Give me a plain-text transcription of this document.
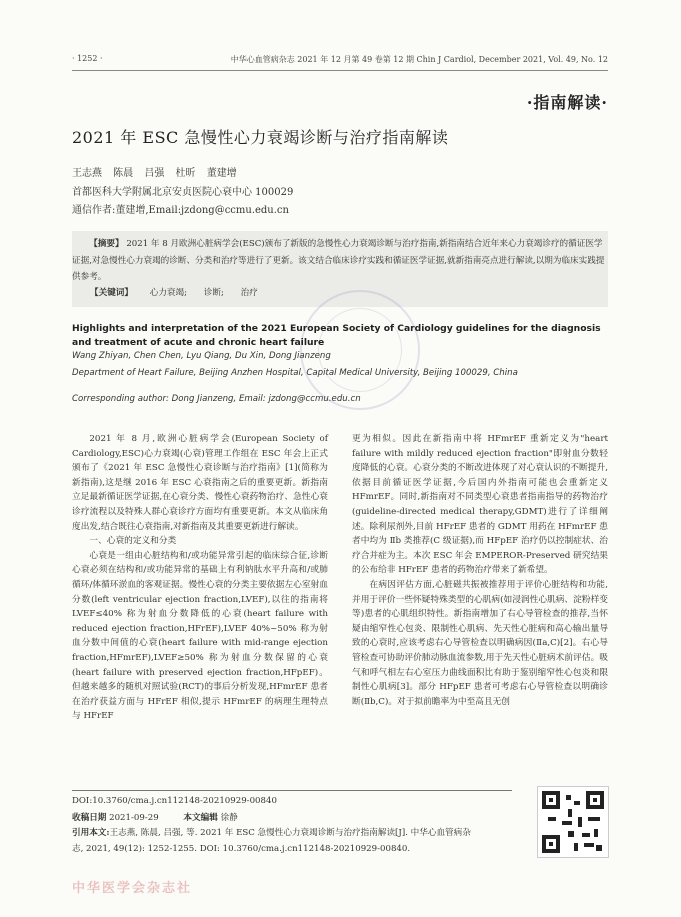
· 1252 ·	中华心血管病杂志 2021 年 12 月第 49 卷第 12 期 Chin J Cardiol, December 2021, Vol. 49, No. 12
·指南解读·
2021 年 ESC 急慢性心力衰竭诊断与治疗指南解读
王志燕 陈晨 吕强 杜昕 董建增
首都医科大学附属北京安贞医院心衰中心 100029
通信作者:董建增,Email:jzdong@ccmu.edu.cn
【摘要】 2021 年 8 月欧洲心脏病学会(ESC)颁布了新版的急慢性心力衰竭诊断与治疗指南,新指南结合近年来心力衰竭诊疗的循证医学证据,对急慢性心力衰竭的诊断、分类和治疗等进行了更新。该文结合临床诊疗实践和循证医学证据,就新指南亮点进行解读,以期为临床实践提供参考。
【关键词】 心力衰竭; 诊断; 治疗
Highlights and interpretation of the 2021 European Society of Cardiology guidelines for the diagnosis and treatment of acute and chronic heart failure
Wang Zhiyan, Chen Chen, Lyu Qiang, Du Xin, Dong Jianzeng
Department of Heart Failure, Beijing Anzhen Hospital, Capital Medical University, Beijing 100029, China
Corresponding author: Dong Jianzeng, Email: jzdong@ccmu.edu.cn

2021 年 8 月,欧洲心脏病学会(European Society of Cardiology,ESC)心力衰竭(心衰)管理工作组在 ESC 年会上正式颁布了《2021 年 ESC 急慢性心衰诊断与治疗指南》[1](简称为新指南),这是继 2016 年 ESC 心衰指南之后的重要更新。新指南立足最新循证医学证据,在心衰分类、慢性心衰药物治疗、急性心衰诊疗流程以及特殊人群心衰诊疗方面均有重要更新。本文从临床角度出发,结合既往心衰指南,对新指南及其重要更新进行解读。

一、心衰的定义和分类

心衰是一组由心脏结构和/或功能异常引起的临床综合征,诊断心衰必须在结构和/或功能异常的基础上有利钠肽水平升高和/或肺循环/体循环淤血的客观证据。慢性心衰的分类主要依据左心室射血分数(left ventricular ejection fraction,LVEF),以往的指南将 LVEF≤40% 称为射血分数降低的心衰(heart failure with reduced ejection fraction,HFrEF),LVEF 40%~50% 称为射血分数中间值的心衰(heart failure with mid-range ejection fraction,HFmrEF),LVEF≥50% 称为射血分数保留的心衰(heart failure with preserved ejection fraction,HFpEF)。但越来越多的随机对照试验(RCT)的事后分析发现,HFmrEF 患者在治疗获益方面与 HFrEF 相似,提示 HFmrEF 的病理生理特点与 HFrEF

更为相似。因此在新指南中将 HFmrEF 重新定义为"heart failure with mildly reduced ejection fraction"即射血分数轻度降低的心衰。心衰分类的不断改进体现了对心衰认识的不断提升,依据目前循证医学证据,今后国内外指南可能也会重新定义 HFmrEF。同时,新指南对不同类型心衰患者指南指导的药物治疗(guideline-directed medical therapy,GDMT)进行了详细阐述。除利尿剂外,目前 HFrEF 患者的 GDMT 用药在 HFmrEF 患者中均为 Ⅱb 类推荐(C 级证据),而 HFpEF 治疗仍以控制症状、治疗合并症为主。本次 ESC 年会 EMPEROR-Preserved 研究结果的公布给非 HFrEF 患者的药物治疗带来了新希望。

在病因评估方面,心脏磁共振被推荐用于评价心脏结构和功能,并用于评价一些怀疑特殊类型的心肌病(如浸润性心肌病、淀粉样变等)患者的心肌组织特性。新指南增加了右心导管检查的推荐,当怀疑由缩窄性心包炎、限制性心肌病、先天性心脏病和高心输出量导致的心衰时,应该考虑右心导管检查以明确病因(Ⅱa,C)[2]。右心导管检查可协助评价肺动脉血流参数,用于先天性心脏病术前评估。吸气和呼气相左右心室压力曲线面积比有助于鉴别缩窄性心包炎和限制性心肌病[3]。部分 HFpEF 患者可考虑右心导管检查以明确诊断(Ⅱb,C)。对于拟前瞻率为中至高且无创

DOI:10.3760/cma.j.cn112148-20210929-00840
收稿日期 2021-09-29	本文编辑 徐静
引用本文:王志燕, 陈晨, 吕强, 等. 2021 年 ESC 急慢性心力衰竭诊断与治疗指南解读[J]. 中华心血管病杂
志, 2021, 49(12): 1252-1255. DOI: 10.3760/cma.j.cn112148-20210929-00840.
中华医学会杂志社
